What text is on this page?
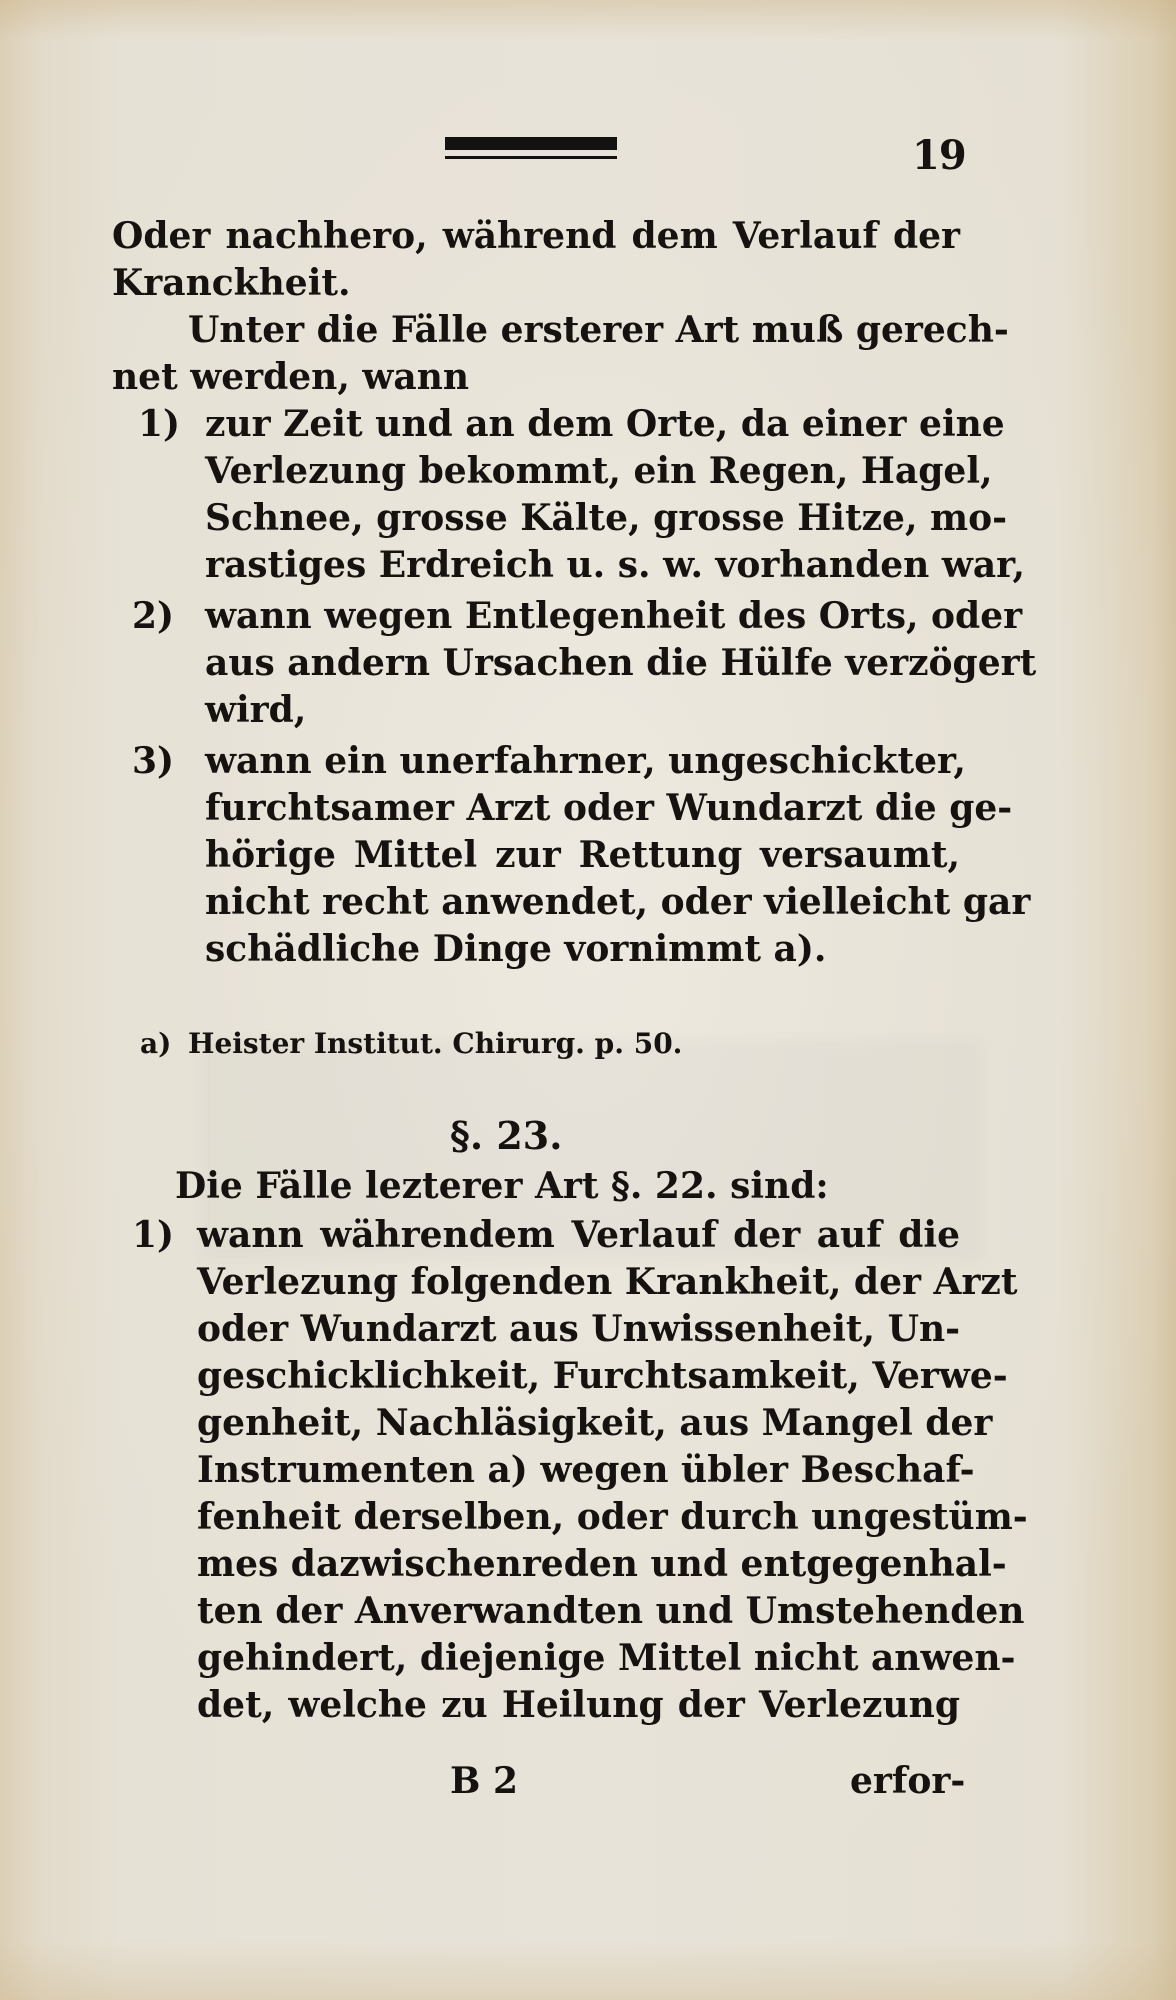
19
Oder nachhero, während dem Verlauf der
Kranckheit.
Unter die Fälle ersterer Art muß gerech-
net werden, wann
1) zur Zeit und an dem Orte, da einer eine
Verlezung bekommt, ein Regen, Hagel,
Schnee, grosse Kälte, grosse Hitze, mo-
rastiges Erdreich u. s. w. vorhanden war,
2) wann wegen Entlegenheit des Orts, oder
aus andern Ursachen die Hülfe verzögert
wird,
3) wann ein unerfahrner, ungeschickter,
furchtsamer Arzt oder Wundarzt die ge-
hörige Mittel zur Rettung versaumt,
nicht recht anwendet, oder vielleicht gar
schädliche Dinge vornimmt a).
a) Heister Institut. Chirurg. p. 50.
§. 23.
Die Fälle lezterer Art §. 22. sind:
1) wann währendem Verlauf der auf die
Verlezung folgenden Krankheit, der Arzt
oder Wundarzt aus Unwissenheit, Un-
geschicklichkeit, Furchtsamkeit, Verwe-
genheit, Nachläsigkeit, aus Mangel der
Instrumenten a) wegen übler Beschaf-
fenheit derselben, oder durch ungestüm-
mes dazwischenreden und entgegenhal-
ten der Anverwandten und Umstehenden
gehindert, diejenige Mittel nicht anwen-
det, welche zu Heilung der Verlezung
B 2	erfor-
